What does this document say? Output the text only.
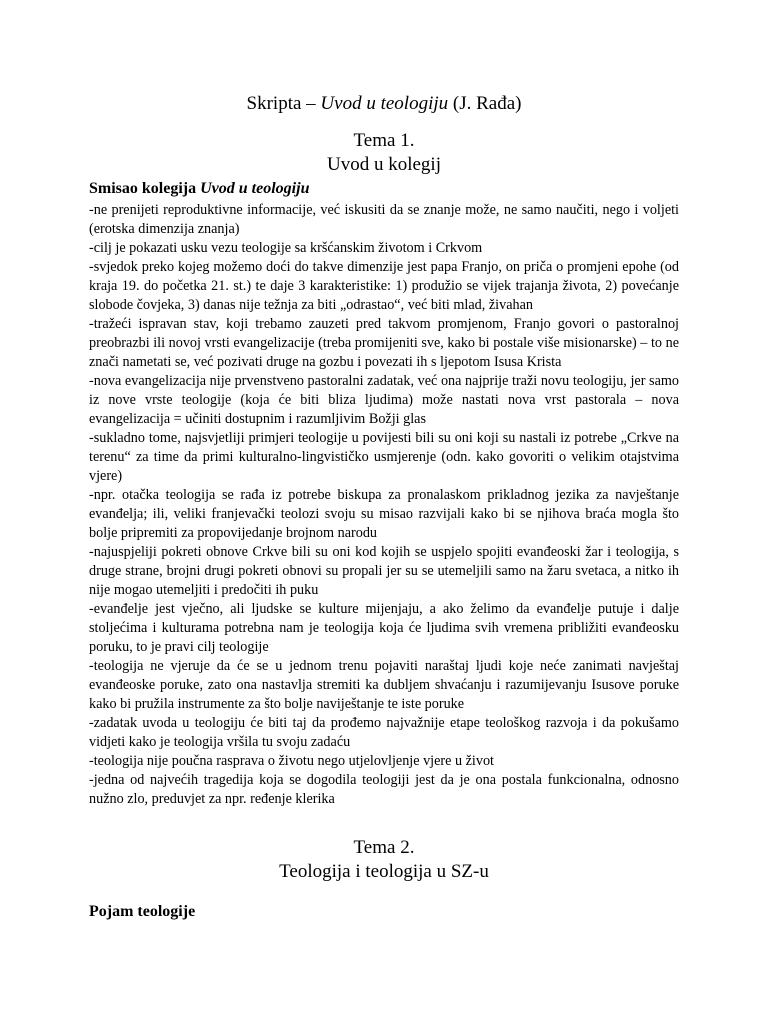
Skripta – Uvod u teologiju (J. Rađa)
Tema 1.
Uvod u kolegij
Smisao kolegija Uvod u teologiju

-ne prenijeti reproduktivne informacije, već iskusiti da se znanje može, ne samo naučiti, nego i voljeti (erotska dimenzija znanja)

-cilj je pokazati usku vezu teologije sa kršćanskim životom i Crkvom

-svjedok preko kojeg možemo doći do takve dimenzije jest papa Franjo, on priča o promjeni epohe (od kraja 19. do početka 21. st.) te daje 3 karakteristike: 1) produžio se vijek trajanja života, 2) povećanje slobode čovjeka, 3) danas nije težnja za biti „odrastao“, već biti mlad, živahan

-tražeći ispravan stav, koji trebamo zauzeti pred takvom promjenom, Franjo govori o pastoralnoj preobrazbi ili novoj vrsti evangelizacije (treba promijeniti sve, kako bi postale više misionarske) – to ne znači nametati se, već pozivati druge na gozbu i povezati ih s ljepotom Isusa Krista

-nova evangelizacija nije prvenstveno pastoralni zadatak, već ona najprije traži novu teologiju, jer samo iz nove vrste teologije (koja će biti bliza ljudima) može nastati nova vrst pastorala – nova evangelizacija = učiniti dostupnim i razumljivim Božji glas

-sukladno tome, najsvjetliji primjeri teologije u povijesti bili su oni koji su nastali iz potrebe „Crkve na terenu“ za time da primi kulturalno-lingvističko usmjerenje (odn. kako govoriti o velikim otajstvima vjere)

-npr. otačka teologija se rađa iz potrebe biskupa za pronalaskom prikladnog jezika za navještanje evanđelja; ili, veliki franjevački teolozi svoju su misao razvijali kako bi se njihova braća mogla što bolje pripremiti za propovijedanje brojnom narodu

-najuspjeliji pokreti obnove Crkve bili su oni kod kojih se uspjelo spojiti evanđeoski žar i teologija, s druge strane, brojni drugi pokreti obnovi su propali jer su se utemeljili samo na žaru svetaca, a nitko ih nije mogao utemeljiti i predočiti ih puku

-evanđelje jest vječno, ali ljudske se kulture mijenjaju, a ako želimo da evanđelje putuje i dalje stoljećima i kulturama potrebna nam je teologija koja će ljudima svih vremena približiti evanđeosku poruku, to je pravi cilj teologije

-teologija ne vjeruje da će se u jednom trenu pojaviti naraštaj ljudi koje neće zanimati navještaj evanđeoske poruke, zato ona nastavlja stremiti ka dubljem shvaćanju i razumijevanju Isusove poruke kako bi pružila instrumente za što bolje naviještanje te iste poruke

-zadatak uvoda u teologiju će biti taj da prođemo najvažnije etape teološkog razvoja i da pokušamo vidjeti kako je teologija vršila tu svoju zadaću

-teologija nije poučna rasprava o životu nego utjelovljenje vjere u život

-jedna od najvećih tragedija koja se dogodila teologiji jest da je ona postala funkcionalna, odnosno nužno zlo, preduvjet za npr. ređenje klerika

Tema 2.
Teologija i teologija u SZ-u
Pojam teologije
